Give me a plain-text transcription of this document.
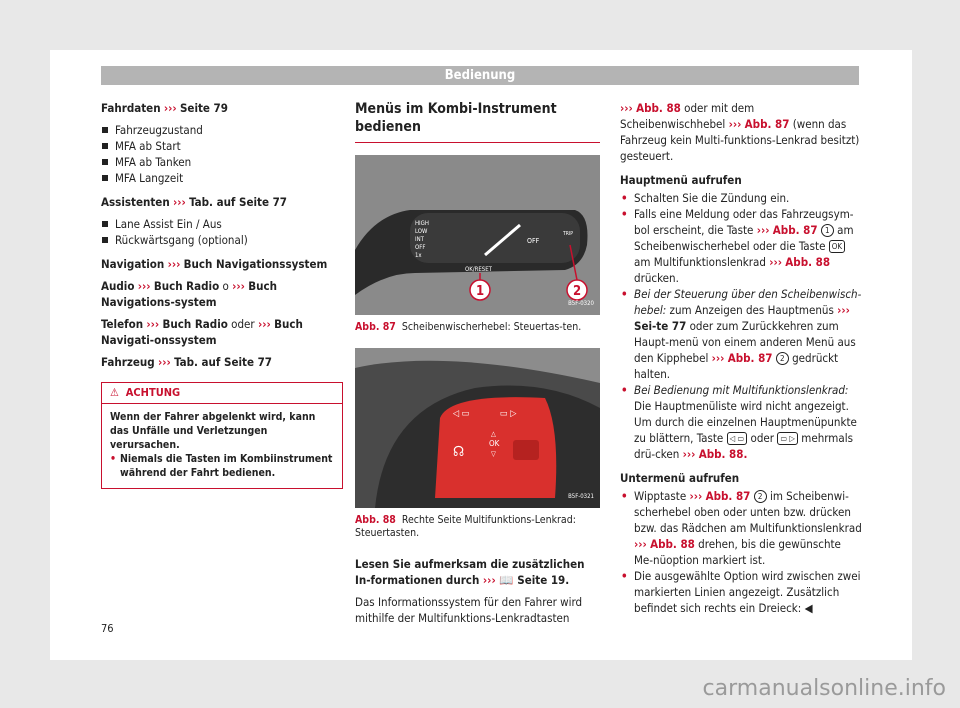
Bedienung

Fahrdaten ››› Seite 79

Fahrzeugzustand
MFA ab Start
MFA ab Tanken
MFA Langzeit

Assistenten ››› Tab. auf Seite 77

Lane Assist Ein / Aus
Rückwärtsgang (optional)

Navigation ››› Buch Navigationssystem

Audio ››› Buch Radio o ››› Buch Navigations-system

Telefon ››› Buch Radio oder ››› Buch Navigati-onssystem

Fahrzeug ››› Tab. auf Seite 77

⚠ ACHTUNG
Wenn der Fahrer abgelenkt wird, kann das Unfälle und Verletzungen verursachen.
• Niemals die Tasten im Kombiinstrument während der Fahrt bedienen.
Menüs im Kombi-Instrument bedienen
HIGH
LOW
INT
OFF
1x
OFF
OK/RESET
TRIP
1	2
B5F-0320
Abb. 87 Scheibenwischerhebel: Steuertas-ten.
◁ ▭	▭ ▷
☊
OK
△
▽
B5F-0321
Abb. 88 Rechte Seite Multifunktions-Lenkrad: Steuertasten.

Lesen Sie aufmerksam die zusätzlichen In-formationen durch ››› 📖 Seite 19.

Das Informationssystem für den Fahrer wird mithilfe der Multifunktions-Lenkradtasten

››› Abb. 88 oder mit dem Scheibenwischhebel ››› Abb. 87 (wenn das Fahrzeug kein Multi-funktions-Lenkrad besitzt) gesteuert.

Hauptmenü aufrufen
• Schalten Sie die Zündung ein.
• Falls eine Meldung oder das Fahrzeugsym-bol erscheint, die Taste ››› Abb. 87 1 am Scheibenwischerhebel oder die Taste OK am Multifunktionslenkrad ››› Abb. 88 drücken.
• Bei der Steuerung über den Scheibenwisch-hebel: zum Anzeigen des Hauptmenüs ››› Sei-te 77 oder zum Zurückkehren zum Haupt-menü von einem anderen Menü aus den Kipphebel ››› Abb. 87 2 gedrückt halten.
• Bei Bedienung mit Multifunktionslenkrad: Die Hauptmenüliste wird nicht angezeigt. Um durch die einzelnen Hauptmenüpunkte zu blättern, Taste ◁ ▭ oder ▭ ▷ mehrmals drü-cken ››› Abb. 88.
Untermenü aufrufen
• Wipptaste ››› Abb. 87 2 im Scheibenwi-scherhebel oben oder unten bzw. drücken bzw. das Rädchen am Multifunktionslenkrad ››› Abb. 88 drehen, bis die gewünschte Me-nüoption markiert ist.
• Die ausgewählte Option wird zwischen zwei markierten Linien angezeigt. Zusätzlich befindet sich rechts ein Dreieck: ◀
76
carmanualsonline.info
